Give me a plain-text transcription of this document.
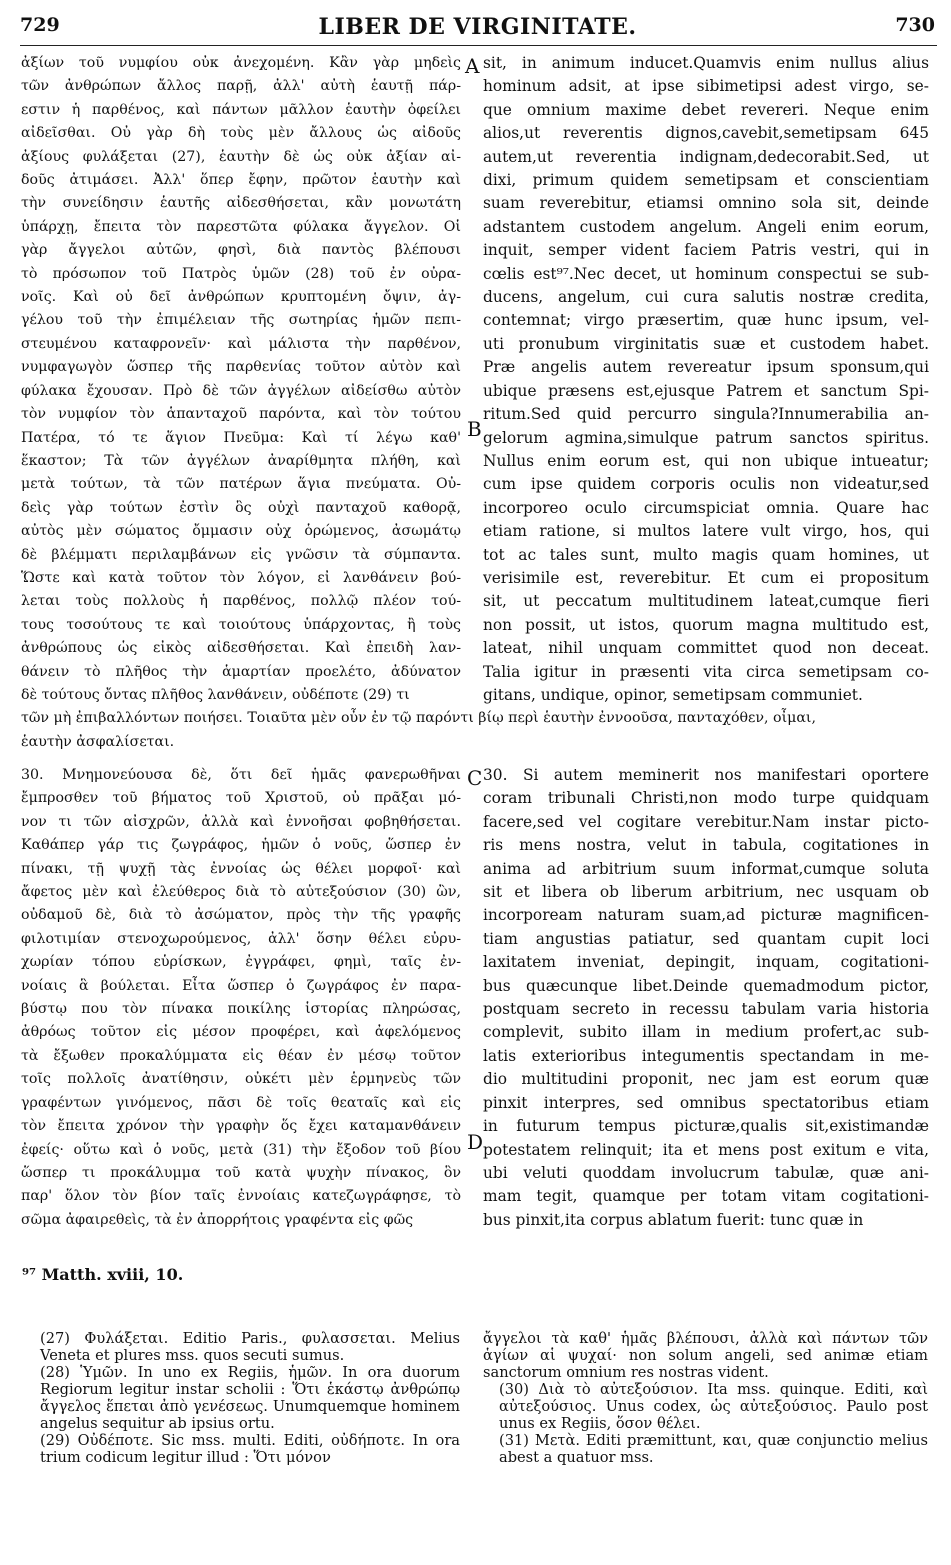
729	LIBER DE VIRGINITATE.	730
ἀξίων τοῦ νυμφίου οὐκ ἀνεχομένη. Κἂν γὰρ μηδεὶς
τῶν ἀνθρώπων ἄλλος παρῇ, ἀλλ' αὐτὴ ἑαυτῇ πάρ-
εστιν ἡ παρθένος, καὶ πάντων μᾶλλον ἑαυτὴν ὀφείλει
αἰδεῖσθαι. Οὐ γὰρ δὴ τοὺς μὲν ἄλλους ὡς αἰδοῦς
ἀξίους φυλάξεται (27), ἑαυτὴν δὲ ὡς οὐκ ἀξίαν αἰ-
δοῦς ἀτιμάσει. Ἀλλ' ὅπερ ἔφην, πρῶτον ἑαυτὴν καὶ
τὴν συνείδησιν ἑαυτῆς αἰδεσθήσεται, κἂν μονωτάτη
ὑπάρχῃ, ἔπειτα τὸν παρεστῶτα φύλακα ἄγγελον. Οἱ
γὰρ ἄγγελοι αὐτῶν, φησὶ, διὰ παντὸς βλέπουσι
τὸ πρόσωπον τοῦ Πατρὸς ὑμῶν (28) τοῦ ἐν οὐρα-
νοῖς. Καὶ οὐ δεῖ ἀνθρώπων κρυπτομένη ὄψιν, ἀγ-
γέλου τοῦ τὴν ἐπιμέλειαν τῆς σωτηρίας ἡμῶν πεπι-
στευμένου καταφρονεῖν· καὶ μάλιστα τὴν παρθένον,
νυμφαγωγὸν ὥσπερ τῆς παρθενίας τοῦτον αὐτὸν καὶ
φύλακα ἔχουσαν. Πρὸ δὲ τῶν ἀγγέλων αἰδείσθω αὐτὸν
τὸν νυμφίον τὸν ἁπανταχοῦ παρόντα, καὶ τὸν τούτου
Πατέρα, τό τε ἅγιον Πνεῦμα: Καὶ τί λέγω καθ'
ἕκαστον; Τὰ τῶν ἀγγέλων ἀναρίθμητα πλήθη, καὶ
μετὰ τούτων, τὰ τῶν πατέρων ἅγια πνεύματα. Οὐ-
δεὶς γὰρ τούτων ἐστὶν ὃς οὐχὶ πανταχοῦ καθορᾷ,
αὐτὸς μὲν σώματος ὄμμασιν οὐχ ὁρώμενος, ἀσωμάτῳ
δὲ βλέμματι περιλαμβάνων εἰς γνῶσιν τὰ σύμπαντα.
Ὥστε καὶ κατὰ τοῦτον τὸν λόγον, εἰ λανθάνειν βού-
λεται τοὺς πολλοὺς ἡ παρθένος, πολλῷ πλέον τού-
τους τοσούτους τε καὶ τοιούτους ὑπάρχοντας, ἢ τοὺς
ἀνθρώπους ὡς εἰκὸς αἰδεσθήσεται. Καὶ ἐπειδὴ λαν-
θάνειν τὸ πλῆθος τὴν ἁμαρτίαν προελέτο, ἀδύνατον
δὲ τούτους ὄντας πλῆθος λανθάνειν, οὐδέποτε (29) τι
sit, in animum inducet.Quamvis enim nullus alius
hominum adsit, at ipse sibimetipsi adest virgo, se-
que omnium maxime debet revereri. Neque enim
alios,ut reverentis dignos,cavebit,semetipsam 645
autem,ut reverentia indignam,dedecorabit.Sed, ut
dixi, primum quidem semetipsam et conscientiam
suam reverebitur, etiamsi omnino sola sit, deinde
adstantem custodem angelum. Angeli enim eorum,
inquit, semper vident faciem Patris vestri, qui in
cœlis est⁹⁷.Nec decet, ut hominum conspectui se sub-
ducens, angelum, cui cura salutis nostræ credita,
contemnat; virgo præsertim, quæ hunc ipsum, vel-
uti pronubum virginitatis suæ et custodem habet.
Præ angelis autem revereatur ipsum sponsum,qui
ubique præsens est,ejusque Patrem et sanctum Spi-
ritum.Sed quid percurro singula?Innumerabilia an-
gelorum agmina,simulque patrum sanctos spiritus.
Nullus enim eorum est, qui non ubique intueatur;
cum ipse quidem corporis oculis non videatur,sed
incorporeo oculo circumspiciat omnia. Quare hac
etiam ratione, si multos latere vult virgo, hos, qui
tot ac tales sunt, multo magis quam homines, ut
verisimile est, reverebitur. Et cum ei propositum
sit, ut peccatum multitudinem lateat,cumque fieri
non possit, ut istos, quorum magna multitudo est,
lateat, nihil unquam committet quod non deceat.
Talia igitur in præsenti vita circa semetipsam co-
gitans, undique, opinor, semetipsam communiet.
τῶν μὴ ἐπιβαλλόντων ποιήσει. Τοιαῦτα μὲν οὖν ἐν τῷ παρόντι βίῳ περὶ ἑαυτὴν ἐννοοῦσα, πανταχόθεν, οἶμαι,
ἑαυτὴν ἀσφαλίσεται.
30. Μνημονεύουσα δὲ, ὅτι δεῖ ἡμᾶς φανερωθῆναι
ἔμπροσθεν τοῦ βήματος τοῦ Χριστοῦ, οὐ πρᾶξαι μό-
νον τι τῶν αἰσχρῶν, ἀλλὰ καὶ ἐννοῆσαι φοβηθήσεται.
Καθάπερ γάρ τις ζωγράφος, ἡμῶν ὁ νοῦς, ὥσπερ ἐν
πίνακι, τῇ ψυχῇ τὰς ἐννοίας ὡς θέλει μορφοῖ· καὶ
ἄφετος μὲν καὶ ἐλεύθερος διὰ τὸ αὐτεξούσιον (30) ὢν,
οὐδαμοῦ δὲ, διὰ τὸ ἀσώματον, πρὸς τὴν τῆς γραφῆς
φιλοτιμίαν στενοχωρούμενος, ἀλλ' ὅσην θέλει εὐρυ-
χωρίαν τόπου εὑρίσκων, ἐγγράφει, φημὶ, ταῖς ἐν-
νοίαις ἃ βούλεται. Εἶτα ὥσπερ ὁ ζωγράφος ἐν παρα-
βύστῳ που τὸν πίνακα ποικίλης ἱστορίας πληρώσας,
ἀθρόως τοῦτον εἰς μέσον προφέρει, καὶ ἀφελόμενος
τὰ ἔξωθεν προκαλύμματα εἰς θέαν ἐν μέσῳ τοῦτον
τοῖς πολλοῖς ἀνατίθησιν, οὐκέτι μὲν ἑρμηνεὺς τῶν
γραφέντων γινόμενος, πᾶσι δὲ τοῖς θεαταῖς καὶ εἰς
τὸν ἔπειτα χρόνον τὴν γραφὴν ὅς ἔχει καταμανθάνειν
ἐφείς· οὕτω καὶ ὁ νοῦς, μετὰ (31) τὴν ἔξοδον τοῦ βίου
ὥσπερ τι προκάλυμμα τοῦ κατὰ ψυχὴν πίνακος, ὃν
παρ' ὅλον τὸν βίον ταῖς ἐννοίαις κατεζωγράφησε, τὸ
σῶμα ἀφαιρεθεὶς, τὰ ἐν ἀπορρήτοις γραφέντα εἰς φῶς
30. Si autem meminerit nos manifestari oportere
coram tribunali Christi,non modo turpe quidquam
facere,sed vel cogitare verebitur.Nam instar picto-
ris mens nostra, velut in tabula, cogitationes in
anima ad arbitrium suum informat,cumque soluta
sit et libera ob liberum arbitrium, nec usquam ob
incorpoream naturam suam,ad picturæ magnificen-
tiam angustias patiatur, sed quantam cupit loci
laxitatem inveniat, depingit, inquam, cogitationi-
bus quæcunque libet.Deinde quemadmodum pictor,
postquam secreto in recessu tabulam varia historia
complevit, subito illam in medium profert,ac sub-
latis exterioribus integumentis spectandam in me-
dio multitudini proponit, nec jam est eorum quæ
pinxit interpres, sed omnibus spectatoribus etiam
in futurum tempus picturæ,qualis sit,existimandæ
potestatem relinquit; ita et mens post exitum e vita,
ubi veluti quoddam involucrum tabulæ, quæ ani-
mam tegit, quamque per totam vitam cogitationi-
bus pinxit,ita corpus ablatum fuerit: tunc quæ in
A
B
C
D
⁹⁷ Matth. xviii, 10.

(27) Φυλάξεται. Editio Paris., φυλασσεται. Melius Veneta et plures mss. quos secuti sumus.

(28) Ὑμῶν. In uno ex Regiis, ἡμῶν. In ora duorum Regiorum legitur instar scholii : Ὅτι ἑκάστῳ ἀνθρώπῳ ἄγγελος ἕπεται ἀπὸ γενέσεως. Unumquemque hominem angelus sequitur ab ipsius ortu.

(29) Οὐδέποτε. Sic mss. multi. Editi, οὐδήποτε. In ora trium codicum legitur illud : Ὅτι μόνον

ἄγγελοι τὰ καθ' ἡμᾶς βλέπουσι, ἀλλὰ καὶ πάντων τῶν ἁγίων αἱ ψυχαί· non solum angeli, sed animæ etiam sanctorum omnium res nostras vident.

(30) Διὰ τὸ αὐτεξούσιον. Ita mss. quinque. Editi, καὶ αὐτεξούσιος. Unus codex, ὡς αὐτεξούσιος. Paulo post unus ex Regiis, ὅσον θέλει.

(31) Μετὰ. Editi præmittunt, και, quæ conjunctio melius abest a quatuor mss.
